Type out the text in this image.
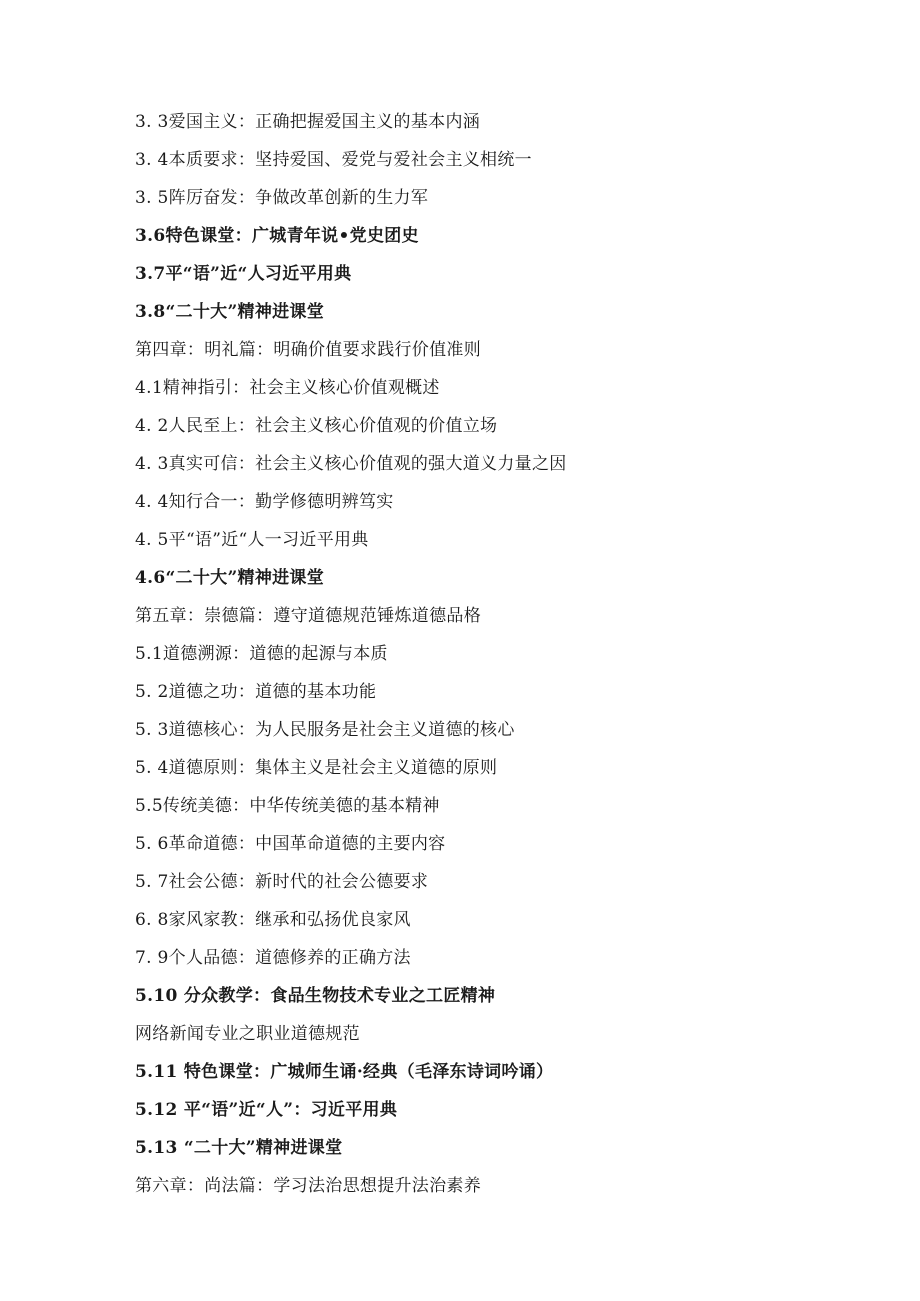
3. 3爱国主义：正确把握爱国主义的基本内涵
3. 4本质要求：坚持爱国、爱党与爱社会主义相统一
3. 5阵厉奋发：争做改革创新的生力军
3.6特色课堂：广城青年说•党史团史
3.7平“语”近“人习近平用典
3.8“二十大”精神进课堂
第四章：明礼篇：明确价值要求践行价值准则
4.1精神指引：社会主义核心价值观概述
4. 2人民至上：社会主义核心价值观的价值立场
4. 3真实可信：社会主义核心价值观的强大道义力量之因
4. 4知行合一：勤学修德明辨笃实
4. 5平“语”近“人一习近平用典
4.6“二十大”精神进课堂
第五章：崇德篇：遵守道德规范锤炼道德品格
5.1道德溯源：道德的起源与本质
5. 2道德之功：道德的基本功能
5. 3道德核心：为人民服务是社会主义道德的核心
5. 4道德原则：集体主义是社会主义道德的原则
5.5传统美德：中华传统美德的基本精神
5. 6革命道德：中国革命道德的主要内容
5. 7社会公德：新时代的社会公德要求
6. 8家风家教：继承和弘扬优良家风
7. 9个人品德：道德修养的正确方法
5.10 分众教学：食品生物技术专业之工匠精神
网络新闻专业之职业道德规范
5.11 特色课堂：广城师生诵·经典（毛泽东诗词吟诵）
5.12 平“语”近“人”：习近平用典
5.13 “二十大”精神进课堂
第六章：尚法篇：学习法治思想提升法治素养
